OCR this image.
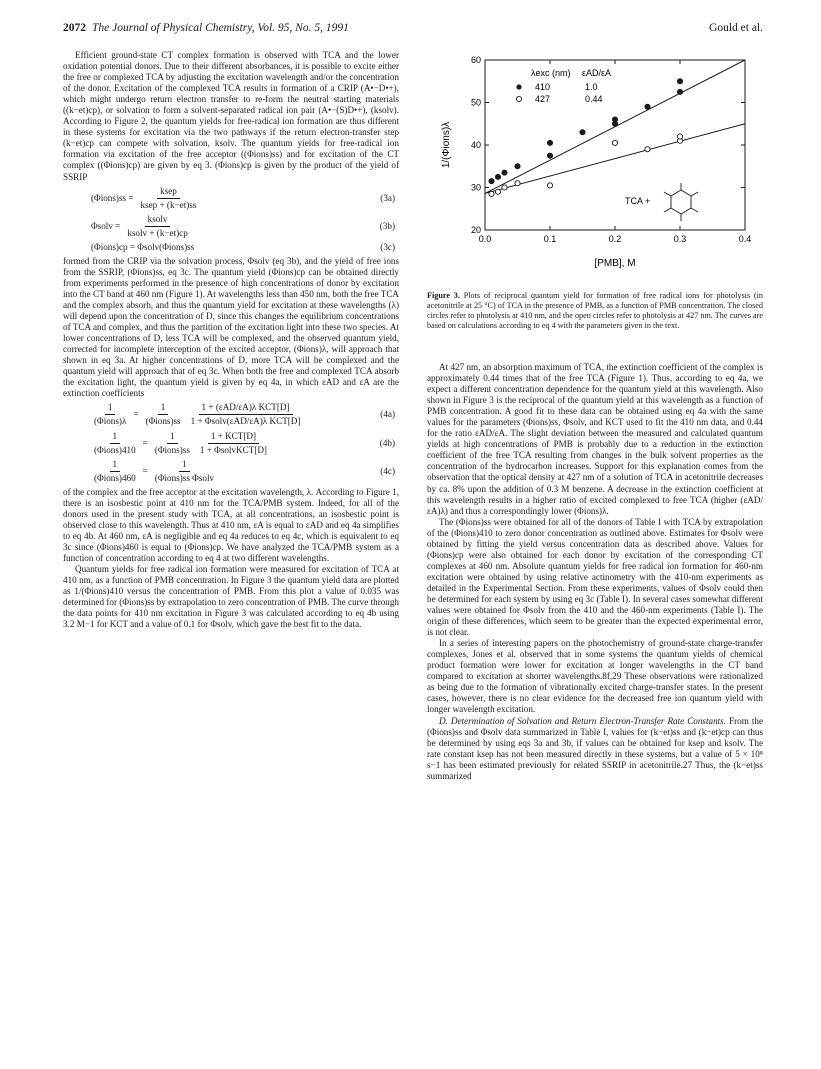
2072 The Journal of Physical Chemistry, Vol. 95, No. 5, 1991	Gould et al.

Efficient ground-state CT complex formation is observed with TCA and the lower oxidation potential donors. Due to their different absorbances, it is possible to excite either the free or complexed TCA by adjusting the excitation wavelength and/or the concentration of the donor. Excitation of the complexed TCA results in formation of a CRIP (A•−D•+), which might undergo return electron transfer to re-form the neutral starting materials ((k−et)cp), or solvation to form a solvent-separated radical ion pair (A•−(S)D•+), (ksolv). According to Figure 2, the quantum yields for free-radical ion formation are thus different in these systems for excitation via the two pathways if the return electron-transfer step (k−et)cp can compete with solvation, ksolv. The quantum yields for free-radical ion formation via excitation of the free acceptor ((Φions)ss) and for excitation of the CT complex ((Φions)cp) are given by eq 3. (Φions)cp is given by the product of the yield of SSRIP

(Φions)ss = $\frac{\text{ksep}}{\text{ksep + (k−et)ss}}$	(3a)
Φsolv = $\frac{\text{ksolv}}{\text{ksolv + (k−et)cp}}$	(3b)
(Φions)cp = Φsolv(Φions)ss	(3c)

formed from the CRIP via the solvation process, Φsolv (eq 3b), and the yield of free ions from the SSRIP, (Φions)ss, eq 3c. The quantum yield (Φions)cp can be obtained directly from experiments performed in the presence of high concentrations of donor by excitation into the CT band at 460 nm (Figure 1). At wavelengths less than 450 nm, both the free TCA and the complex absorb, and thus the quantum yield for excitation at these wavelengths (λ) will depend upon the concentration of D, since this changes the equilibrium concentrations of TCA and complex, and thus the partition of the excitation light into these two species. At lower concentrations of D, less TCA will be complexed, and the observed quantum yield, corrected for incomplete interception of the excited acceptor, (Φions)λ, will approach that shown in eq 3a. At higher concentrations of D, more TCA will be complexed and the quantum yield will approach that of eq 3c. When both the free and complexed TCA absorb the excitation light, the quantum yield is given by eq 4a, in which εAD and εA are the extinction coefficients

$\frac{1}{\text{(Φions)λ}} = \frac{1}{\text{(Φions)ss}} \frac{\text{1 + (εAD/εA)λ KCT[D]}}{\text{1 + Φsolv(εAD/εA)λ KCT[D]}}$	(4a)
$\frac{1}{\text{(Φions)410}} = \frac{1}{\text{(Φions)ss}} \frac{\text{1 + KCT[D]}}{\text{1 + ΦsolvKCT[D]}}$	(4b)
$\frac{1}{\text{(Φions)460}} = \frac{1}{\text{(Φions)ss Φsolv}}$	(4c)

of the complex and the free acceptor at the excitation wavelength, λ. According to Figure 1, there is an isosbestic point at 410 nm for the TCA/PMB system. Indeed, for all of the donors used in the present study with TCA, at all concentrations, an isosbestic point is observed close to this wavelength. Thus at 410 nm, εA is equal to εAD and eq 4a simplifies to eq 4b. At 460 nm, εA is negligible and eq 4a reduces to eq 4c, which is equivalent to eq 3c since (Φions)460 is equal to (Φions)cp. We have analyzed the TCA/PMB system as a function of concentration according to eq 4 at two different wavelengths.

Quantum yields for free radical ion formation were measured for excitation of TCA at 410 nm, as a function of PMB concentration. In Figure 3 the quantum yield data are plotted as 1/(Φions)410 versus the concentration of PMB. From this plot a value of 0.035 was determined for (Φions)ss by extrapolation to zero concentration of PMB. The curve through the data points for 410 nm excitation in Figure 3 was calculated according to eq 4b using 3.2 M−1 for KCT and a value of 0.1 for Φsolv, which gave the best fit to the data.

0.0	0.1	0.2	0.3	0.4
20
30
40
50
60
1/(Φions)λ
[PMB], M
λexc (nm) εAD/εA
410	1.0
427	0.44
TCA +
Figure 3. Plots of reciprocal quantum yield for formation of free radical ions for photolysis (in acetonitrile at 25 °C) of TCA in the presence of PMB, as a function of PMB concentration. The closed circles refer to photolysis at 410 nm, and the open circles refer to photolysis at 427 nm. The curves are based on calculations according to eq 4 with the parameters given in the text.

At 427 nm, an absorption maximum of TCA, the extinction coefficient of the complex is approximately 0.44 times that of the free TCA (Figure 1). Thus, according to eq 4a, we expect a different concentration dependence for the quantum yield at this wavelength. Also shown in Figure 3 is the reciprocal of the quantum yield at this wavelength as a function of PMB concentration. A good fit to these data can be obtained using eq 4a with the same values for the parameters (Φions)ss, Φsolv, and KCT used to fit the 410 nm data, and 0.44 for the ratio εAD/εA. The slight deviation between the measured and calculated quantum yields at high concentrations of PMB is probably due to a reduction in the extinction coefficient of the free TCA resulting from changes in the bulk solvent properties as the concentration of the hydrocarbon increases. Support for this explanation comes from the observation that the optical density at 427 nm of a solution of TCA in acetonitrile decreases by ca. 8% upon the addition of 0.3 M benzene. A decrease in the extinction coefficient at this wavelength results in a higher ratio of excited complexed to free TCA (higher (εAD/εA)λ) and thus a correspondingly lower (Φions)λ.

The (Φions)ss were obtained for all of the donors of Table I with TCA by extrapolation of the (Φions)410 to zero donor concentration as outlined above. Estimates for Φsolv were obtained by fitting the yield versus concentration data as described above. Values for (Φions)cp were also obtained for each donor by excitation of the corresponding CT complexes at 460 nm. Absolute quantum yields for free radical ion formation for 460-nm excitation were obtained by using relative actinometry with the 410-nm experiments as detailed in the Experimental Section. From these experiments, values of Φsolv could then be determined for each system by using eq 3c (Table I). In several cases somewhat different values were obtained for Φsolv from the 410 and the 460-nm experiments (Table I). The origin of these differences, which seem to be greater than the expected experimental error, is not clear.

In a series of interesting papers on the photochemistry of ground-state charge-transfer complexes, Jones et al. observed that in some systems the quantum yields of chemical product formation were lower for excitation at longer wavelengths in the CT band compared to excitation at shorter wavelengths.8f,29 These observations were rationalized as being due to the formation of vibrationally excited charge-transfer states. In the present cases, however, there is no clear evidence for the decreased free ion quantum yield with longer wavelength excitation.

D. Determination of Solvation and Return Electron-Transfer Rate Constants. From the (Φions)ss and Φsolv data summarized in Table I, values for (k−et)ss and (k−et)cp can thus be determined by using eqs 3a and 3b, if values can be obtained for ksep and ksolv. The rate constant ksep has not been measured directly in these systems, but a value of 5 × 10⁸ s−1 has been estimated previously for related SSRIP in acetonitrile.27 Thus, the (k−et)ss summarized
